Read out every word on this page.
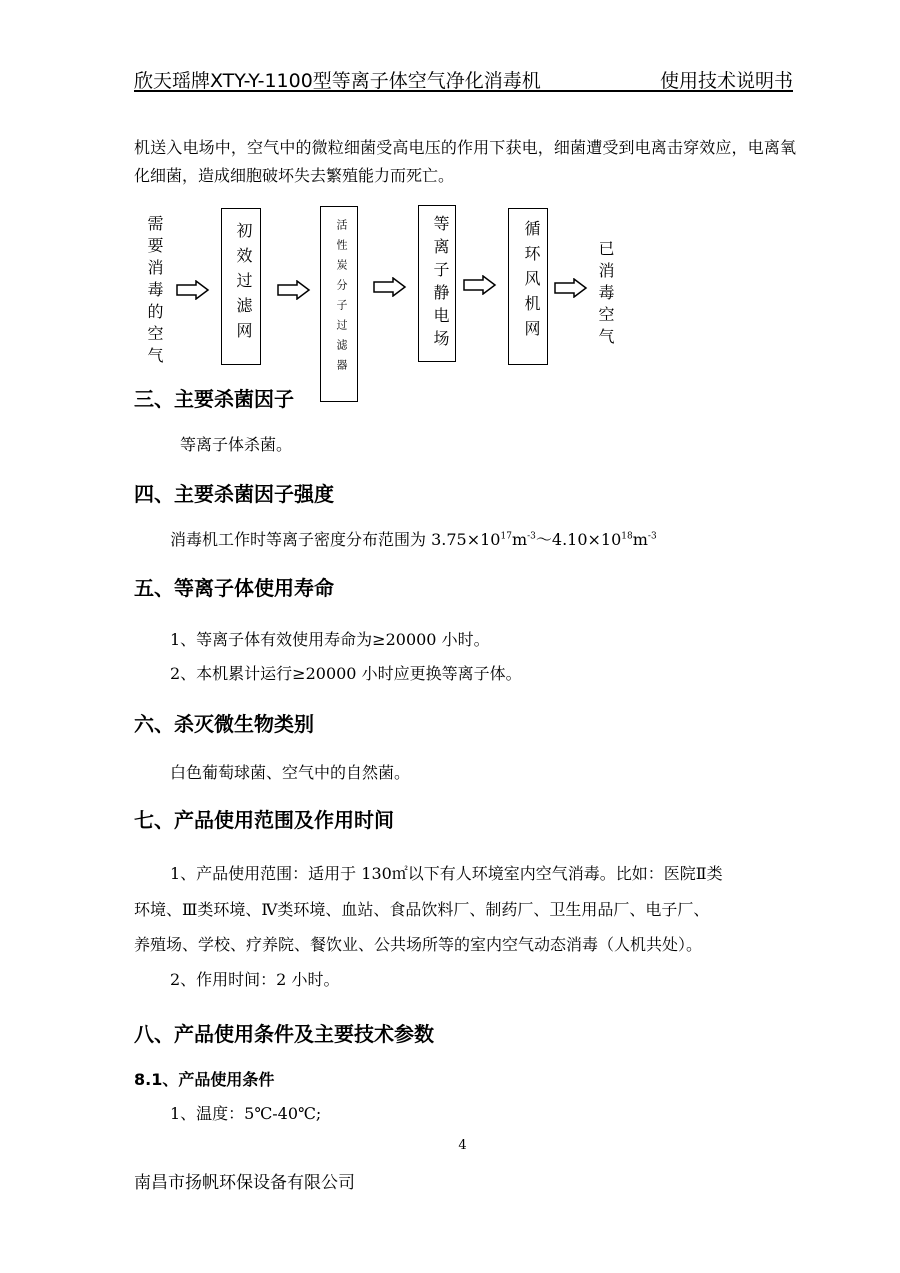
欣天瑶牌XTY-Y-1100型等离子体空气净化消毒机	使用技术说明书
机送入电场中，空气中的微粒细菌受高电压的作用下获电，细菌遭受到电离击穿效应，电离氧化细菌，造成细胞破坏失去繁殖能力而死亡。
需要消毒的空气	初效过滤网	活性炭分子过滤器	等离子静电场	循环风机网	已消毒空气
三、主要杀菌因子
等离子体杀菌。
四、主要杀菌因子强度
消毒机工作时等离子密度分布范围为 $3.75\times 10^{17}m^{-3}\sim 4.10\times 10^{18}m^{-3}$
五、等离子体使用寿命
1、等离子体有效使用寿命为≥20000 小时。
2、本机累计运行≥20000 小时应更换等离子体。
六、杀灭微生物类别
白色葡萄球菌、空气中的自然菌。
七、产品使用范围及作用时间
1、产品使用范围：适用于 130㎡以下有人环境室内空气消毒。比如：医院Ⅱ类
环境、Ⅲ类环境、Ⅳ类环境、血站、食品饮料厂、制药厂、卫生用品厂、电子厂、
养殖场、学校、疗养院、餐饮业、公共场所等的室内空气动态消毒（人机共处）。
2、作用时间：2 小时。
八、产品使用条件及主要技术参数
8.1、产品使用条件
1、温度：5℃-40℃;
4
南昌市扬帆环保设备有限公司
